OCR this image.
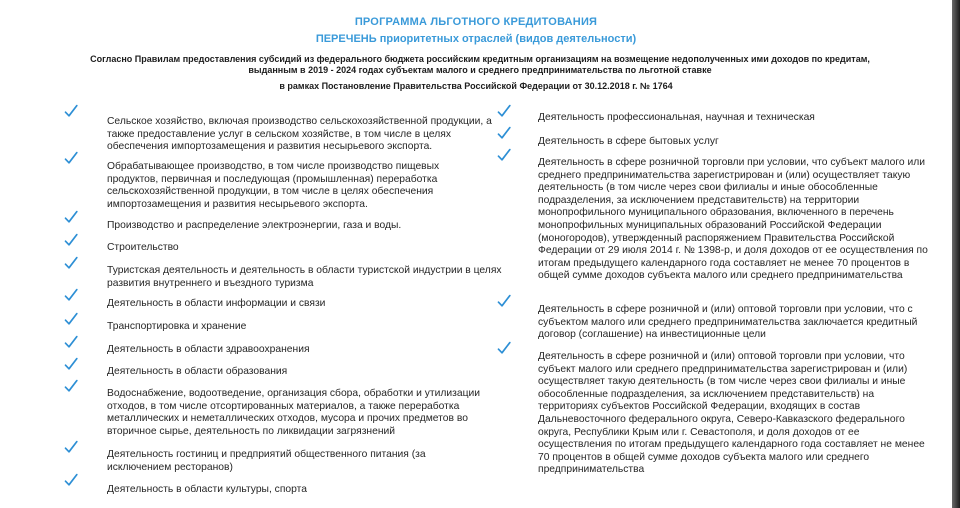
ПРОГРАММА ЛЬГОТНОГО КРЕДИТОВАНИЯ
ПЕРЕЧЕНЬ приоритетных отраслей (видов деятельности)
Согласно Правилам предоставления субсидий из федерального бюджета российским кредитным организациям на возмещение недополученных ими доходов по кредитам, выданным в 2019 - 2024 годах субъектам малого и среднего предпринимательства по льготной ставке
в рамках Постановление Правительства Российской Федерации от 30.12.2018 г. № 1764
Сельское хозяйство, включая производство сельскохозяйственной продукции, а также предоставление услуг в сельском хозяйстве, в том числе в целях обеспечения импортозамещения и развития несырьевого экспорта.
Обрабатывающее производство, в том числе производство пищевых продуктов, первичная и последующая (промышленная) переработка сельскохозяйственной продукции, в том числе в целях обеспечения импортозамещения и развития несырьевого экспорта.
Производство и распределение электроэнергии, газа и воды.
Строительство
Туристская деятельность и деятельность в области туристской индустрии в целях развития внутреннего и въездного туризма
Деятельность в области информации и связи
Транспортировка и хранение
Деятельность в области здравоохранения
Деятельность в области образования
Водоснабжение, водоотведение, организация сбора, обработки и утилизации отходов, в том числе отсортированных материалов, а также переработка металлических и неметаллических отходов, мусора и прочих предметов во вторичное сырье, деятельность по ликвидации загрязнений
Деятельность гостиниц и предприятий общественного питания (за исключением ресторанов)
Деятельность в области культуры, спорта
Деятельность профессиональная, научная и техническая
Деятельность в сфере бытовых услуг
Деятельность в сфере розничной торговли при условии, что субъект малого или среднего предпринимательства зарегистрирован и (или) осуществляет такую деятельность (в том числе через свои филиалы и иные обособленные подразделения, за исключением представительств) на территории монопрофильного муниципального образования, включенного в перечень монопрофильных муниципальных образований Российской Федерации (моногородов), утвержденный распоряжением Правительства Российской Федерации от 29 июля 2014 г. № 1398-р, и доля доходов от ее осуществления по итогам предыдущего календарного года составляет не менее 70 процентов в общей сумме доходов субъекта малого или среднего предпринимательства
Деятельность в сфере розничной и (или) оптовой торговли при условии, что с субъектом малого или среднего предпринимательства заключается кредитный договор (соглашение) на инвестиционные цели
Деятельность в сфере розничной и (или) оптовой торговли при условии, что субъект малого или среднего предпринимательства зарегистрирован и (или) осуществляет такую деятельность (в том числе через свои филиалы и иные обособленные подразделения, за исключением представительств) на территориях субъектов Российской Федерации, входящих в состав Дальневосточного федерального округа, Северо-Кавказского федерального округа, Республики Крым или г. Севастополя, и доля доходов от ее осуществления по итогам предыдущего календарного года составляет не менее 70 процентов в общей сумме доходов субъекта малого или среднего предпринимательства
